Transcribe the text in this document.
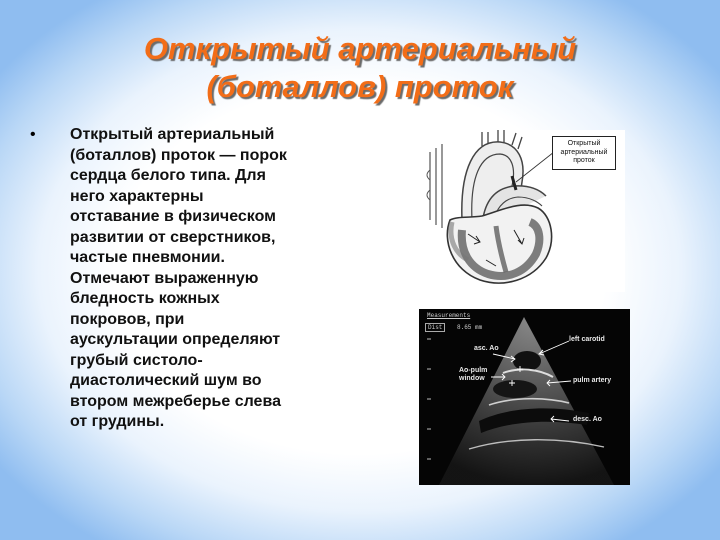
Открытый артериальный
(боталлов) проток
• Открытый артериальный
(боталлов) проток — порок
сердца белого типа. Для
него характерны
отставание в физическом
развитии от сверстников,
частые пневмонии.
Отмечают выраженную
бледность кожных
покровов, при
аускультации определяют
грубый систоло-
диастолический шум во
втором межреберье слева
от грудины.
Открытый
артериальный
проток
Measurements
Dist	8.65 mm
asc. Ao
left carotid
Ao-pulm
window	pulm artery
desc. Ao
